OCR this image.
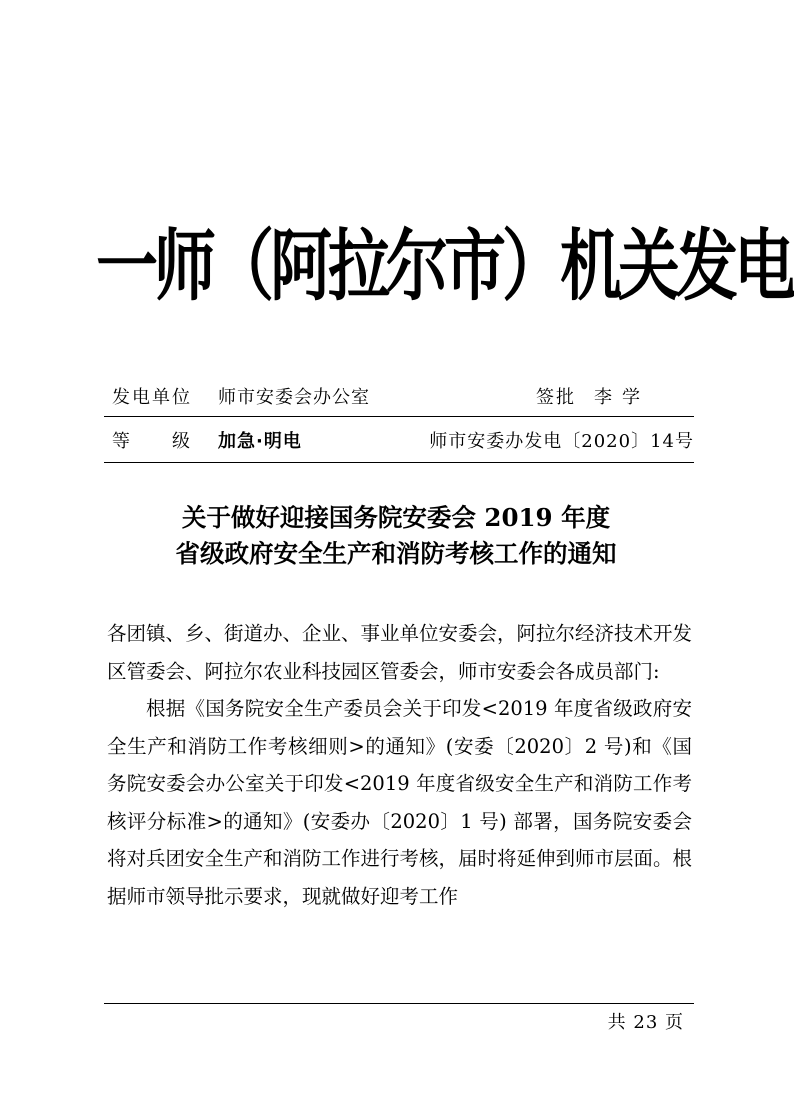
一师（阿拉尔市）机关发电
发电单位 师市安委会办公室	签批 李学
等级
加急·明电	师市安委办发电〔2020〕14号
关于做好迎接国务院安委会 2019 年度
省级政府安全生产和消防考核工作的通知

各团镇、乡、街道办、企业、事业单位安委会，阿拉尔经济技术开发区管委会、阿拉尔农业科技园区管委会，师市安委会各成员部门:

根据《国务院安全生产委员会关于印发<2019 年度省级政府安全生产和消防工作考核细则>的通知》(安委〔2020〕2 号)和《国务院安委会办公室关于印发<2019 年度省级安全生产和消防工作考核评分标准>的通知》(安委办〔2020〕1 号) 部署，国务院安委会将对兵团安全生产和消防工作进行考核，届时将延伸到师市层面。根据师市领导批示要求，现就做好迎考工作

共 23 页
